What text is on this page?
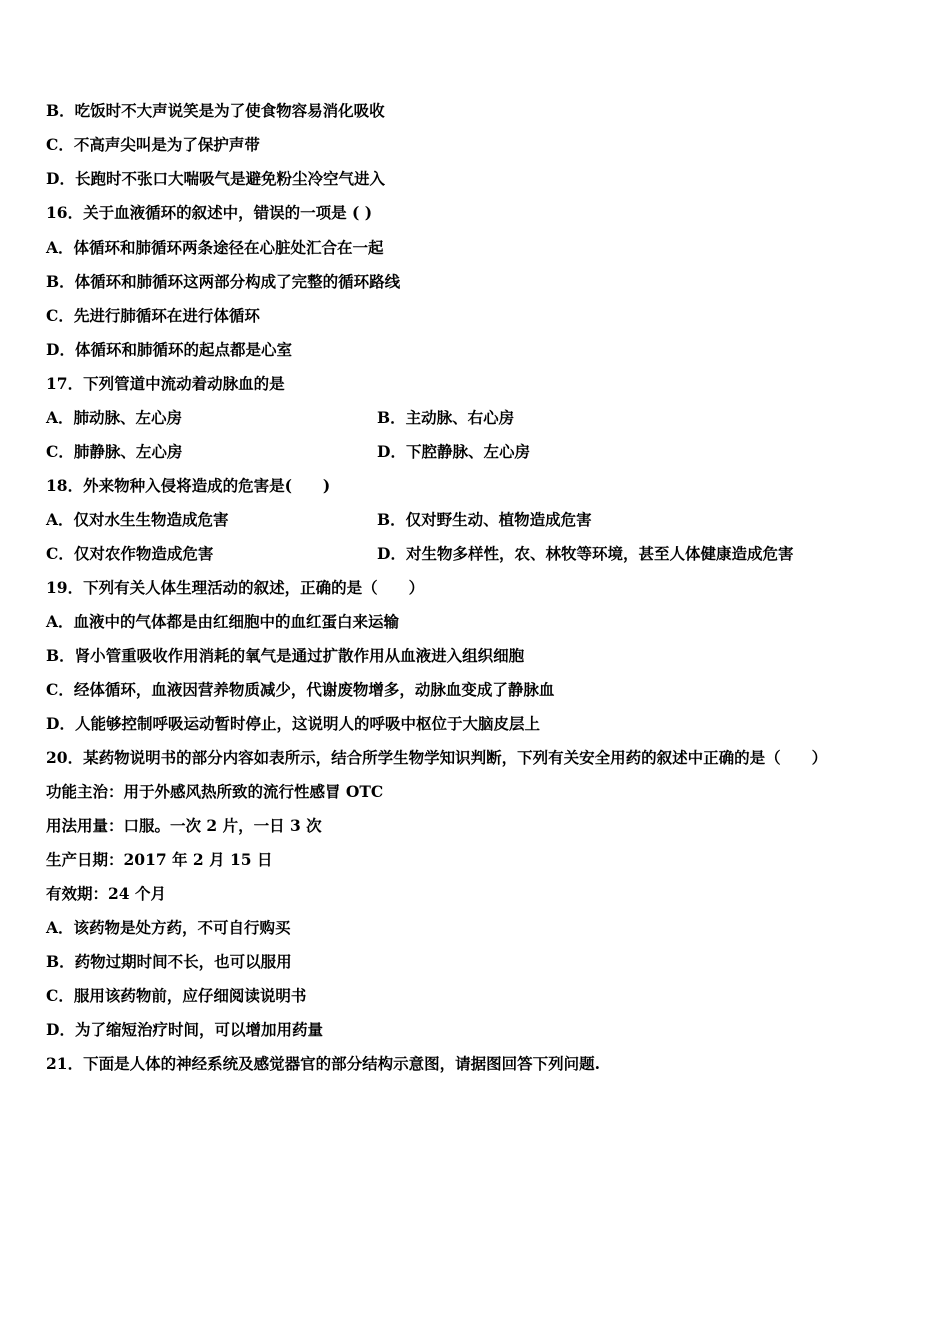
B．吃饭时不大声说笑是为了使食物容易消化吸收
C．不高声尖叫是为了保护声带
D．长跑时不张口大喘吸气是避免粉尘冷空气进入
16．关于血液循环的叙述中，错误的一项是 ( )
A．体循环和肺循环两条途径在心脏处汇合在一起
B．体循环和肺循环这两部分构成了完整的循环路线
C．先进行肺循环在进行体循环
D．体循环和肺循环的起点都是心室
17．下列管道中流动着动脉血的是
A．肺动脉、左心房	B．主动脉、右心房
C．肺静脉、左心房	D．下腔静脉、左心房
18．外来物种入侵将造成的危害是(　　)
A．仅对水生生物造成危害	B．仅对野生动、植物造成危害
C．仅对农作物造成危害	D．对生物多样性，农、林牧等环境，甚至人体健康造成危害
19．下列有关人体生理活动的叙述，正确的是（　　）
A．血液中的气体都是由红细胞中的血红蛋白来运输
B．肾小管重吸收作用消耗的氧气是通过扩散作用从血液进入组织细胞
C．经体循环，血液因营养物质减少，代谢废物增多，动脉血变成了静脉血
D．人能够控制呼吸运动暂时停止，这说明人的呼吸中枢位于大脑皮层上
20．某药物说明书的部分内容如表所示，结合所学生物学知识判断，下列有关安全用药的叙述中正确的是（　　）
功能主治：用于外感风热所致的流行性感冒 OTC
用法用量：口服。一次 2 片，一日 3 次
生产日期：2017 年 2 月 15 日
有效期：24 个月
A．该药物是处方药，不可自行购买
B．药物过期时间不长，也可以服用
C．服用该药物前，应仔细阅读说明书
D．为了缩短治疗时间，可以增加用药量
21．下面是人体的神经系统及感觉器官的部分结构示意图，请据图回答下列问题.
